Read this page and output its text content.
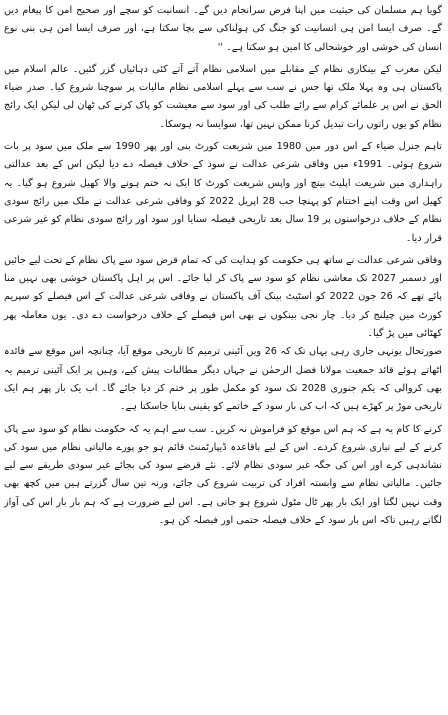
گویا ہم مسلمان کی حیثیت میں اپنا فرض سرانجام دیں گے۔ انسانیت کو سچے اور صحیح امن کا پیغام دیں گے۔ صرف ایسا امن ہی انسانیت کو جنگ کی ہولناکی سے بچا سکتا ہے، اور صرف ایسا امن ہی بنی نوع انسان کی خوشی اور خوشحالی کا امین ہو سکتا ہے۔ ''

لیکن مغرب کے بینکاری نظام کے مقابلے میں اسلامی نظام آتے آتے کئی دہائیاں گزر گئیں۔ عالم اسلام میں پاکستان ہی وہ پہلا ملک تھا جس نے سب سے پہلے اسلامی نظام مالیات پر سوچنا شروع کیا۔ صدر ضیاء الحق نے اس پر علمائے کرام سے رائے طلب کی اور سود سے معیشت کو پاک کرنے کی ٹھان لی لیکن ایک رائج نظام کو یوں راتوں رات تبدیل کرنا ممکن نہیں تھا، سوایسا نہ ہوسکا۔

تاہم جنرل ضیاء کے اس دور میں 1980 میں شریعت کورٹ بنی اور پھر 1990 سے ملک میں سود پر بات شروع ہوئی۔ 1991ء میں وفاقی شرعی عدالت نے سود کے خلاف فیصلہ دے دیا لیکن اس کے بعد عدالتی راہداری میں شریعت اپلیٹ بینچ اور واپس شریعت کورٹ کا ایک نہ ختم ہونے والا کھیل شروع ہو گیا۔ یہ کھیل اس وقت اپنے اختتام کو پہنچا جب 28 اپریل 2022 کو وفاقی شرعی عدالت نے ملک میں رائج سودی نظام کے خلاف درخواستوں پر 19 سال بعد تاریخی فیصلہ سنایا اور سود اور رائج سودی نظام کو غیر شرعی قرار دیا۔

وفاقی شرعی عدالت نے ساتھ ہی حکومت کو ہدایت کی کہ تمام قرض سود سے پاک نظام کے تحت لیے جائیں اور دسمبر 2027 تک معاشی نظام کو سود سے پاک کر لیا جائے۔ اس پر اہل پاکستان خوشی بھی نہیں منا پائے تھے کہ 26 جون 2022 کو اسٹیٹ بینک آف پاکستان نے وفاقی شرعی عدالت کے اس فیصلے کو سپریم کورٹ میں چیلنج کر دیا۔ چار نجی بینکوں نے بھی اس فیصلے کے خلاف درخواست دے دی۔ یوں معاملہ پھر کھٹائی میں پڑ گیا۔

صورتحال یونہی جاری رہی یہاں تک کہ 26 ویں آئینی ترمیم کا تاریخی موقع آیا، چنانچہ اس موقع سے فائدہ اٹھاتے ہوئے قائد جمعیت مولانا فضل الرحمٰن نے جہاں دیگر مطالبات پیش کیے، وہیں پر ایک آئینی ترمیم یہ بھی کروالی کہ یکم جنوری 2028 تک سود کو مکمل طور پر ختم کر دیا جائے گا۔ اب یک بار پھر ہم ایک تاریخی موڑ پر کھڑے ہیں کہ اب کی بار سود کے خاتمے کو یقینی بنایا جاسکتا ہے۔

کرنے کا کام یہ ہے کہ ہم اس موقع کو فراموش نہ کریں۔ سب سے اہم یہ کہ حکومت نظام کو سود سے پاک کرنے کے لیے تیاری شروع کردے۔ اس کے لیے باقاعدہ ڈیپارٹمنٹ قائم ہو جو پورے مالیاتی نظام میں سود کی نشاندہی کرے اور اس کی جگہ غیر سودی نظام لائے۔ نئے قرضے سود کی بجائے غیر سودی طریقے سے لیے جائیں۔ مالیاتی نظام سے وابستہ افراد کی تربیت شروع کی جائے، ورنہ تین سال گزرتے ہیں میں کچھ بھی وقت نہیں لگتا اور ایک بار پھر ٹال مٹول شروع ہو جاتی ہے۔ اس لیے ضرورت ہے کہ ہم بار بار اس کی آواز لگاتے رہیں تاکہ اس بار سود کے خلاف فیصلہ حتمی اور فیصلہ کن ہو۔
